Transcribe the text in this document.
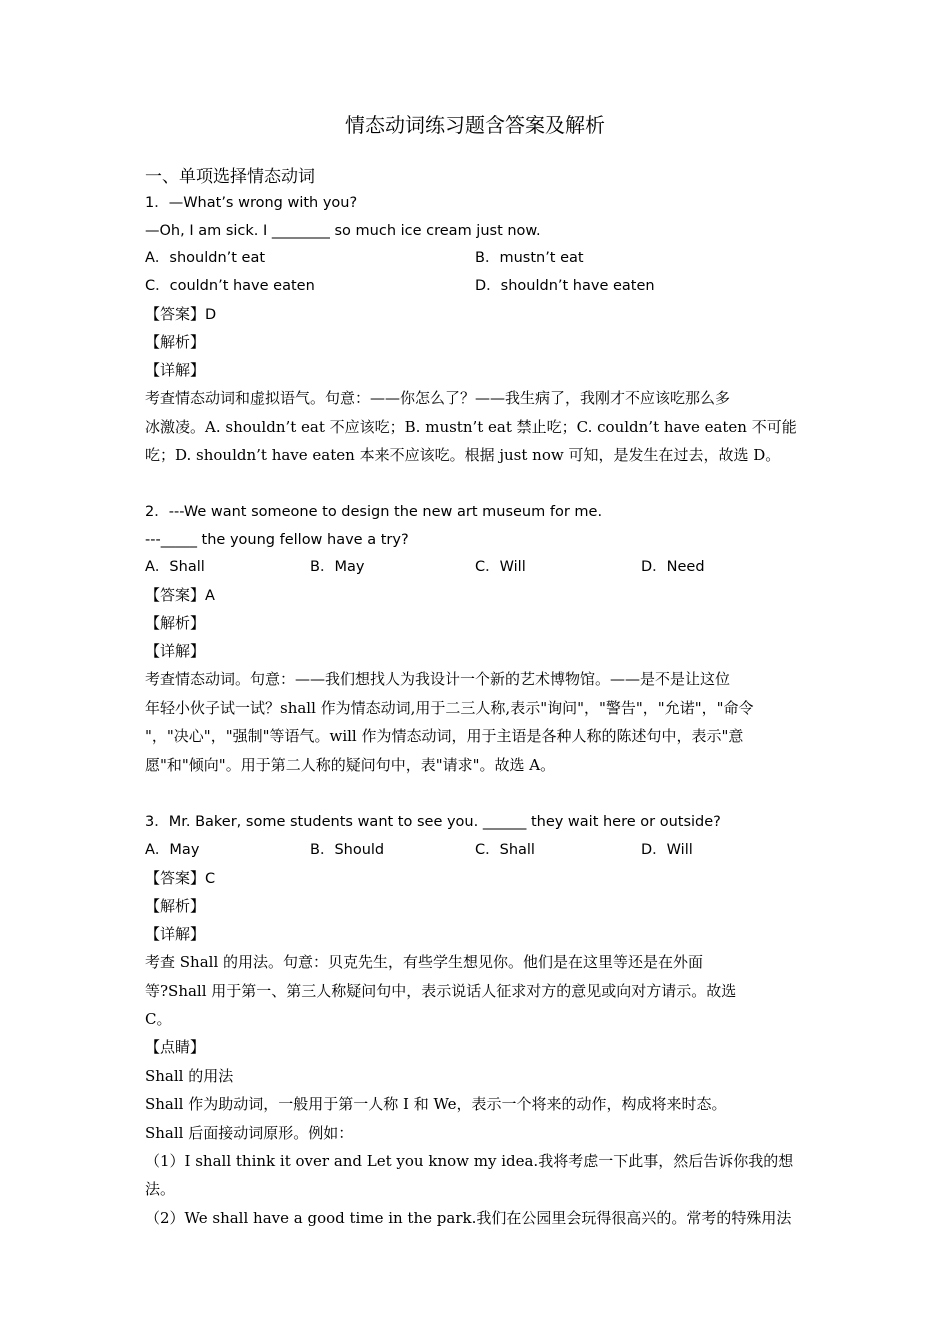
情态动词练习题含答案及解析
一、单项选择情态动词
1．—What’s wrong with you?
—Oh, I am sick. I ________ so much ice cream just now.
A．shouldn’t eat	B．mustn’t eat
C．couldn’t have eaten	D．shouldn’t have eaten
【答案】D
【解析】
【详解】
考查情态动词和虚拟语气。句意：——你怎么了？——我生病了，我刚才不应该吃那么多
冰激凌。A. shouldn’t eat 不应该吃；B. mustn’t eat 禁止吃；C. couldn’t have eaten 不可能
吃；D. shouldn’t have eaten 本来不应该吃。根据 just now 可知，是发生在过去，故选 D。
2．---We want someone to design the new art museum for me.
---_____ the young fellow have a try?
A．Shall	B．May	C．Will	D．Need
【答案】A
【解析】
【详解】
考查情态动词。句意：——我们想找人为我设计一个新的艺术博物馆。——是不是让这位
年轻小伙子试一试？shall 作为情态动词,用于二三人称,表示"询问"，"警告"，"允诺"，"命令
"，"决心"，"强制"等语气。will 作为情态动词，用于主语是各种人称的陈述句中，表示"意
愿"和"倾向"。用于第二人称的疑问句中，表"请求"。故选 A。
3．Mr. Baker, some students want to see you. ______ they wait here or outside?
A．May	B．Should	C．Shall	D．Will
【答案】C
【解析】
【详解】
考查 Shall 的用法。句意：贝克先生，有些学生想见你。他们是在这里等还是在外面
等?Shall 用于第一、第三人称疑问句中，表示说话人征求对方的意见或向对方请示。故选
C。
【点睛】
Shall 的用法
Shall 作为助动词，一般用于第一人称 I 和 We，表示一个将来的动作，构成将来时态。
Shall 后面接动词原形。例如：
（1）I shall think it over and Let you know my idea.我将考虑一下此事，然后告诉你我的想
法。
（2）We shall have a good time in the park.我们在公园里会玩得很高兴的。常考的特殊用法
